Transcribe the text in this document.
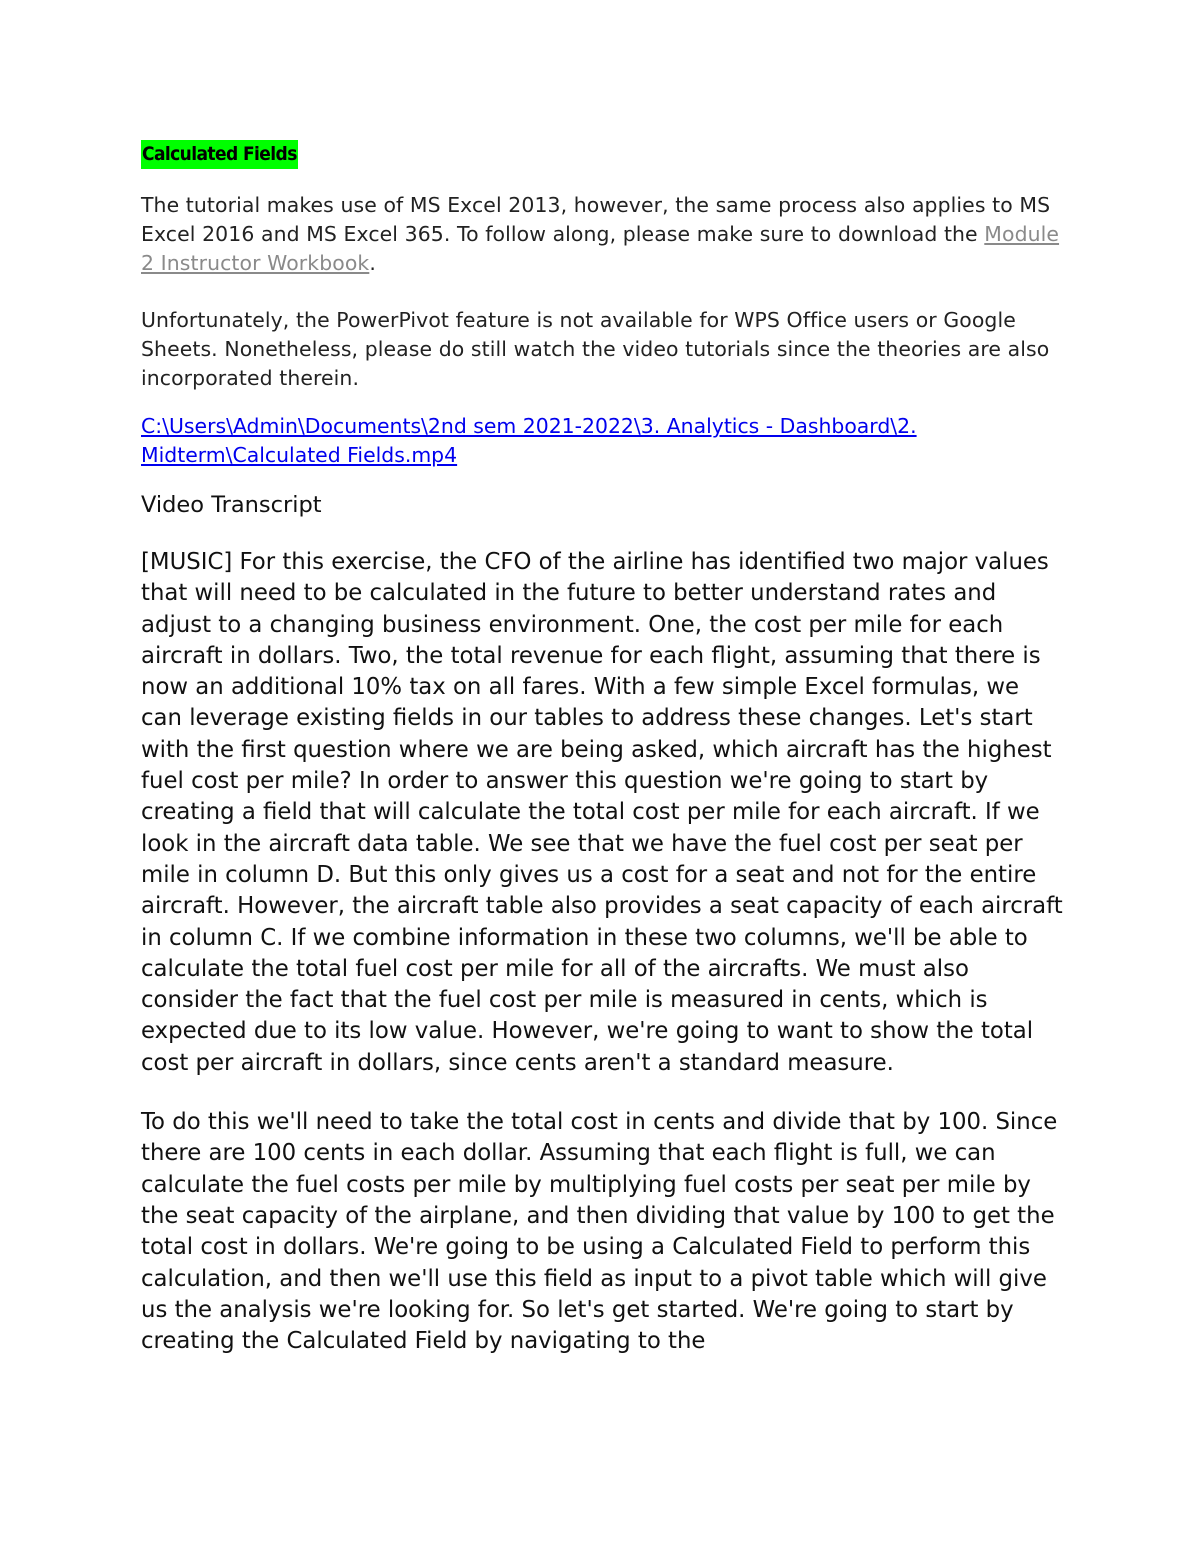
Calculated Fields

The tutorial makes use of MS Excel 2013, however, the same process also applies to MS Excel 2016 and MS Excel 365. To follow along, please make sure to download the Module 2 Instructor Workbook.

Unfortunately, the PowerPivot feature is not available for WPS Office users or Google Sheets. Nonetheless, please do still watch the video tutorials since the theories are also incorporated therein.

C:\Users\Admin\Documents\2nd sem 2021-2022\3. Analytics - Dashboard\2.
Midterm\Calculated Fields.mp4
Video Transcript

[MUSIC] For this exercise, the CFO of the airline has identified two major values that will need to be calculated in the future to better understand rates and adjust to a changing business environment. One, the cost per mile for each aircraft in dollars. Two, the total revenue for each flight, assuming that there is now an additional 10% tax on all fares. With a few simple Excel formulas, we can leverage existing fields in our tables to address these changes. Let's start with the first question where we are being asked, which aircraft has the highest fuel cost per mile? In order to answer this question we're going to start by creating a field that will calculate the total cost per mile for each aircraft. If we look in the aircraft data table. We see that we have the fuel cost per seat per mile in column D. But this only gives us a cost for a seat and not for the entire aircraft. However, the aircraft table also provides a seat capacity of each aircraft in column C. If we combine information in these two columns, we'll be able to calculate the total fuel cost per mile for all of the aircrafts. We must also consider the fact that the fuel cost per mile is measured in cents, which is expected due to its low value. However, we're going to want to show the total cost per aircraft in dollars, since cents aren't a standard measure.

To do this we'll need to take the total cost in cents and divide that by 100. Since there are 100 cents in each dollar. Assuming that each flight is full, we can calculate the fuel costs per mile by multiplying fuel costs per seat per mile by the seat capacity of the airplane, and then dividing that value by 100 to get the total cost in dollars. We're going to be using a Calculated Field to perform this calculation, and then we'll use this field as input to a pivot table which will give us the analysis we're looking for. So let's get started. We're going to start by creating the Calculated Field by navigating to the
